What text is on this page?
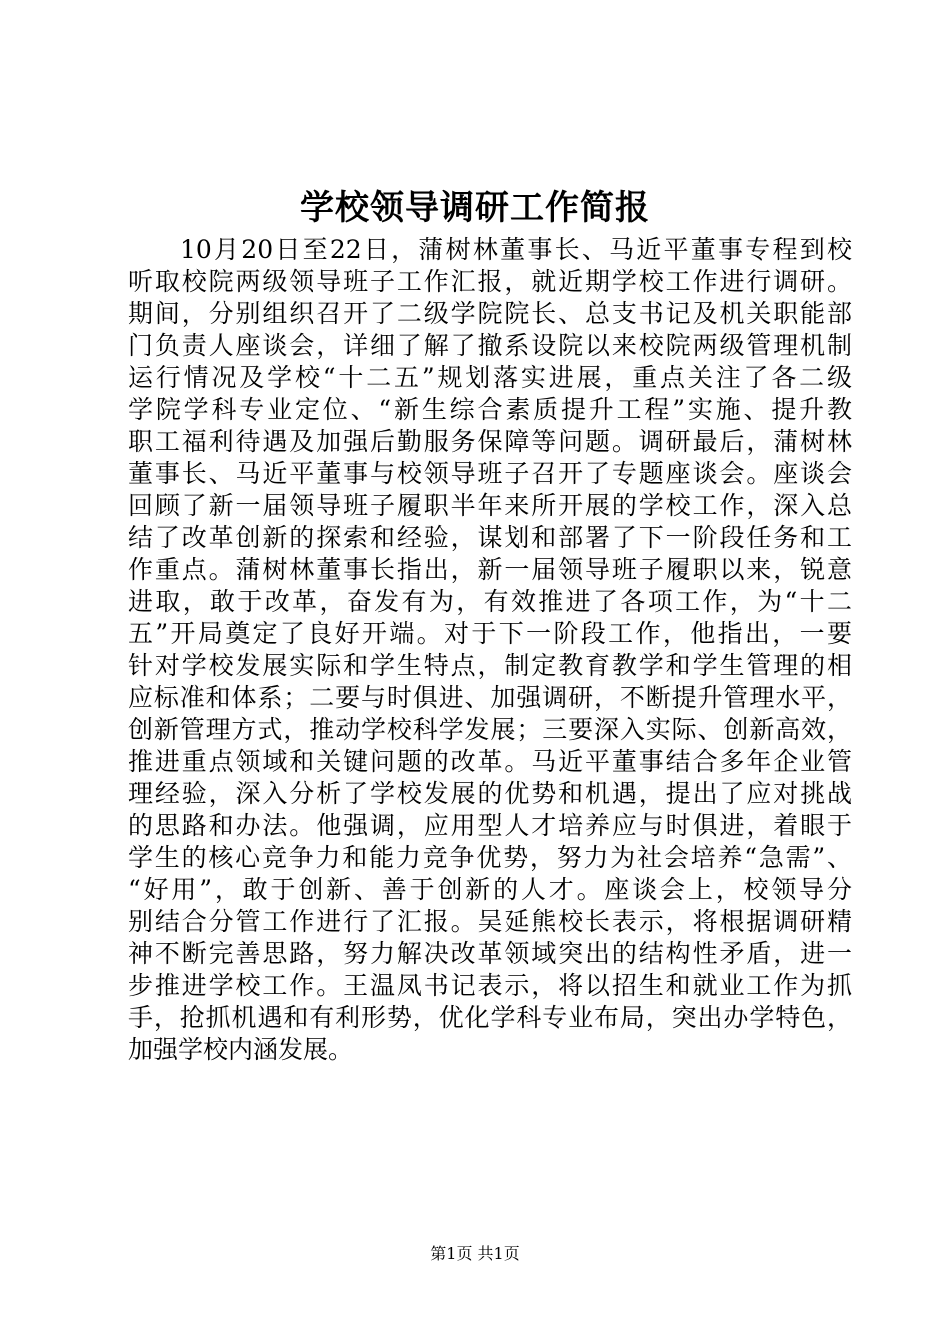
学校领导调研工作简报
10月20日至22日，蒲树林董事长、马近平董事专程到校
听取校院两级领导班子工作汇报，就近期学校工作进行调研。
期间，分别组织召开了二级学院院长、总支书记及机关职能部
门负责人座谈会，详细了解了撤系设院以来校院两级管理机制
运行情况及学校“十二五”规划落实进展，重点关注了各二级
学院学科专业定位、“新生综合素质提升工程”实施、提升教
职工福利待遇及加强后勤服务保障等问题。调研最后，蒲树林
董事长、马近平董事与校领导班子召开了专题座谈会。座谈会
回顾了新一届领导班子履职半年来所开展的学校工作，深入总
结了改革创新的探索和经验，谋划和部署了下一阶段任务和工
作重点。蒲树林董事长指出，新一届领导班子履职以来，锐意
进取，敢于改革，奋发有为，有效推进了各项工作，为“十二
五”开局奠定了良好开端。对于下一阶段工作，他指出，一要
针对学校发展实际和学生特点，制定教育教学和学生管理的相
应标准和体系；二要与时俱进、加强调研，不断提升管理水平，
创新管理方式，推动学校科学发展；三要深入实际、创新高效，
推进重点领域和关键问题的改革。马近平董事结合多年企业管
理经验，深入分析了学校发展的优势和机遇，提出了应对挑战
的思路和办法。他强调，应用型人才培养应与时俱进，着眼于
学生的核心竞争力和能力竞争优势，努力为社会培养“急需”、
“好用”，敢于创新、善于创新的人才。座谈会上，校领导分
别结合分管工作进行了汇报。吴延熊校长表示，将根据调研精
神不断完善思路，努力解决改革领域突出的结构性矛盾，进一
步推进学校工作。王温凤书记表示，将以招生和就业工作为抓
手，抢抓机遇和有利形势，优化学科专业布局，突出办学特色，
加强学校内涵发展。
第1页 共1页
